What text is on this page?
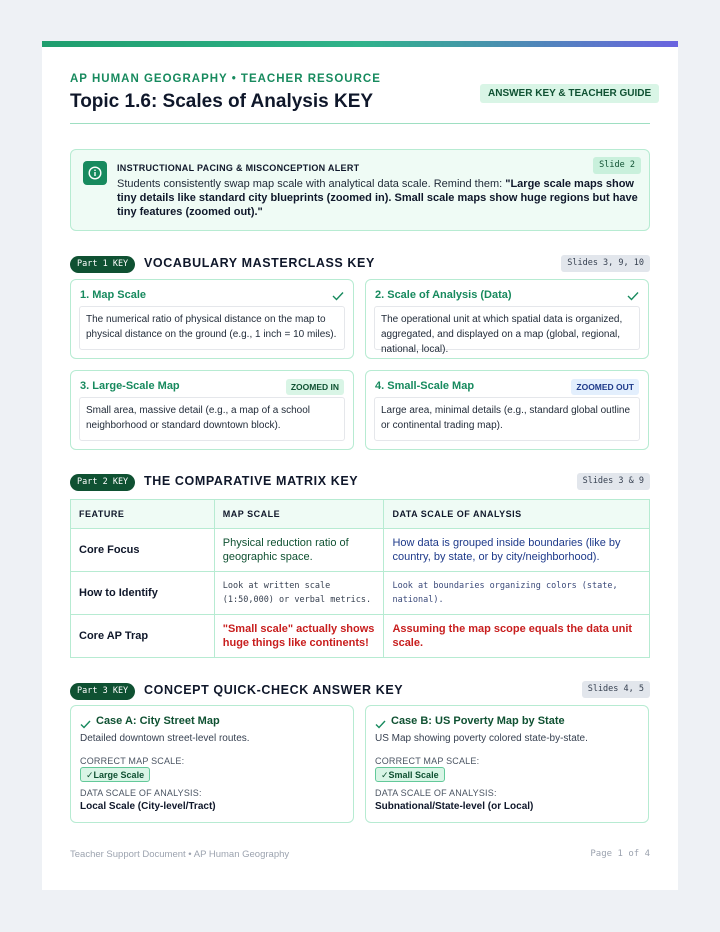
AP HUMAN GEOGRAPHY • TEACHER RESOURCE
Topic 1.6: Scales of Analysis KEY	ANSWER KEY & TEACHER GUIDE
INSTRUCTIONAL PACING & MISCONCEPTION ALERT
Students consistently swap map scale with analytical data scale. Remind them: "Large scale maps show tiny details like standard city blueprints (zoomed in). Small scale maps show huge regions but have tiny features (zoomed out)."
Slide 2
Part 1 KEY	VOCABULARY MASTERCLASS KEY	Slides 3, 9, 10
1. Map Scale
The numerical ratio of physical distance on the map to physical distance on the ground (e.g., 1 inch = 10 miles).
2. Scale of Analysis (Data)
The operational unit at which spatial data is organized, aggregated, and displayed on a map (global, regional, national, local).
3. Large-Scale Map	ZOOMED IN
Small area, massive detail (e.g., a map of a school neighborhood or standard downtown block).
4. Small-Scale Map	ZOOMED OUT
Large area, minimal details (e.g., standard global outline or continental trading map).
Part 2 KEY	THE COMPARATIVE MATRIX KEY	Slides 3 & 9
FEATURE	MAP SCALE	DATA SCALE OF ANALYSIS
Core Focus	Physical reduction ratio of geographic space.	How data is grouped inside boundaries (like by country, by state, or by city/neighborhood).
How to Identify	Look at written scale (1:50,000) or verbal metrics.	Look at boundaries organizing colors (state, national).
Core AP Trap	"Small scale" actually shows huge things like continents!	Assuming the map scope equals the data unit scale.
Part 3 KEY	CONCEPT QUICK-CHECK ANSWER KEY	Slides 4, 5
Case A: City Street Map
Detailed downtown street-level routes.
CORRECT MAP SCALE:
✓Large Scale
DATA SCALE OF ANALYSIS:
Local Scale (City-level/Tract)
Case B: US Poverty Map by State
US Map showing poverty colored state-by-state.
CORRECT MAP SCALE:
✓Small Scale
DATA SCALE OF ANALYSIS:
Subnational/State-level (or Local)
Teacher Support Document • AP Human Geography	Page 1 of 4
